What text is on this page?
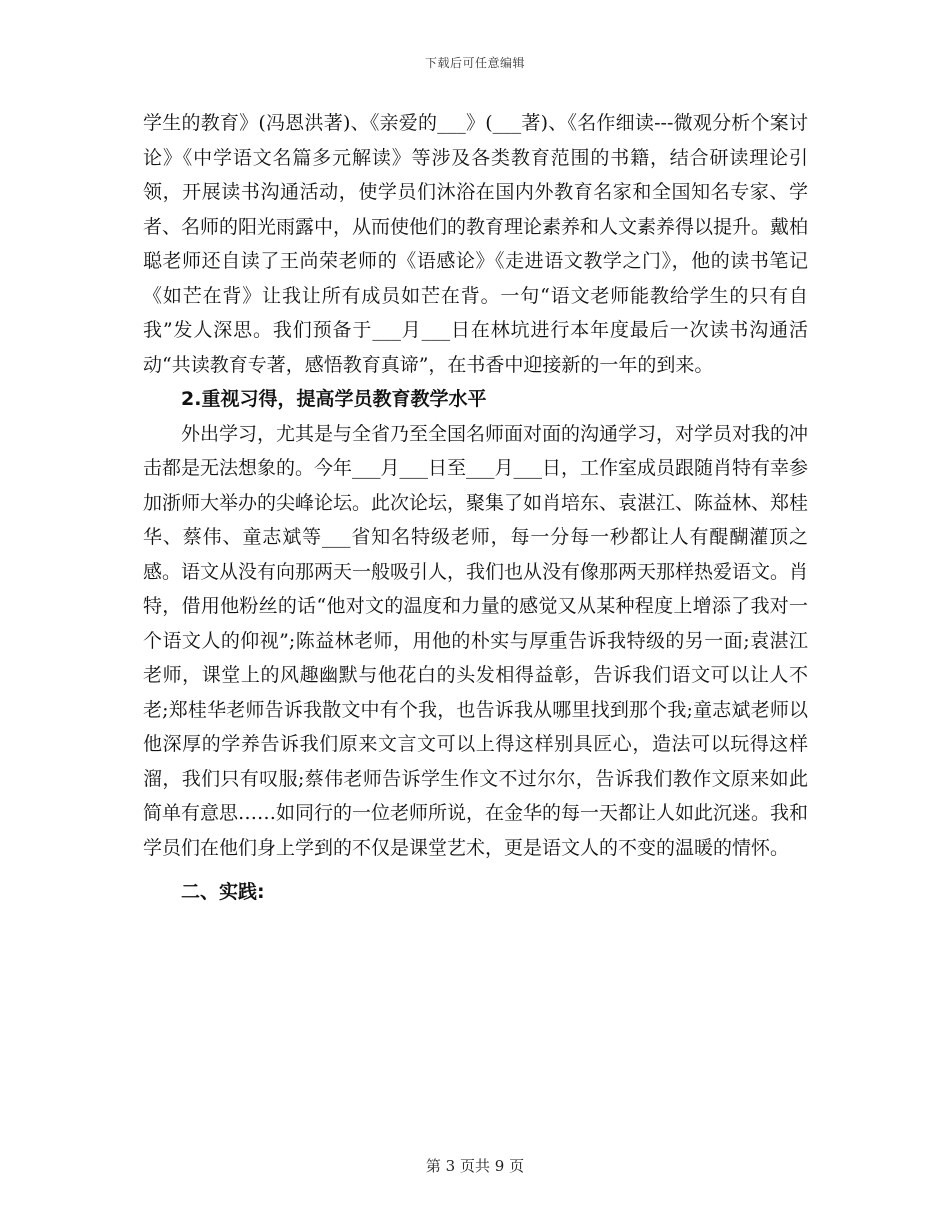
下载后可任意编辑

学生的教育》(冯恩洪著)、《亲爱的___》(___著)、《名作细读---微观分析个案讨论》《中学语文名篇多元解读》等涉及各类教育范围的书籍，结合研读理论引领，开展读书沟通活动，使学员们沐浴在国内外教育名家和全国知名专家、学者、名师的阳光雨露中，从而使他们的教育理论素养和人文素养得以提升。戴柏聪老师还自读了王尚荣老师的《语感论》《走进语文教学之门》，他的读书笔记《如芒在背》让我让所有成员如芒在背。一句“语文老师能教给学生的只有自我”发人深思。我们预备于___月___日在林坑进行本年度最后一次读书沟通活动“共读教育专著，感悟教育真谛”，在书香中迎接新的一年的到来。

2.重视习得，提高学员教育教学水平

外出学习，尤其是与全省乃至全国名师面对面的沟通学习，对学员对我的冲击都是无法想象的。今年___月___日至___月___日，工作室成员跟随肖特有幸参加浙师大举办的尖峰论坛。此次论坛，聚集了如肖培东、袁湛江、陈益林、郑桂华、蔡伟、童志斌等___省知名特级老师，每一分每一秒都让人有醍醐灌顶之感。语文从没有向那两天一般吸引人，我们也从没有像那两天那样热爱语文。肖特，借用他粉丝的话“他对文的温度和力量的感觉又从某种程度上增添了我对一个语文人的仰视”;陈益林老师，用他的朴实与厚重告诉我特级的另一面;袁湛江老师，课堂上的风趣幽默与他花白的头发相得益彰，告诉我们语文可以让人不老;郑桂华老师告诉我散文中有个我，也告诉我从哪里找到那个我;童志斌老师以他深厚的学养告诉我们原来文言文可以上得这样别具匠心，造法可以玩得这样溜，我们只有叹服;蔡伟老师告诉学生作文不过尔尔，告诉我们教作文原来如此简单有意思……如同行的一位老师所说，在金华的每一天都让人如此沉迷。我和学员们在他们身上学到的不仅是课堂艺术，更是语文人的不变的温暖的情怀。

二、实践:

第 3 页共 9 页
